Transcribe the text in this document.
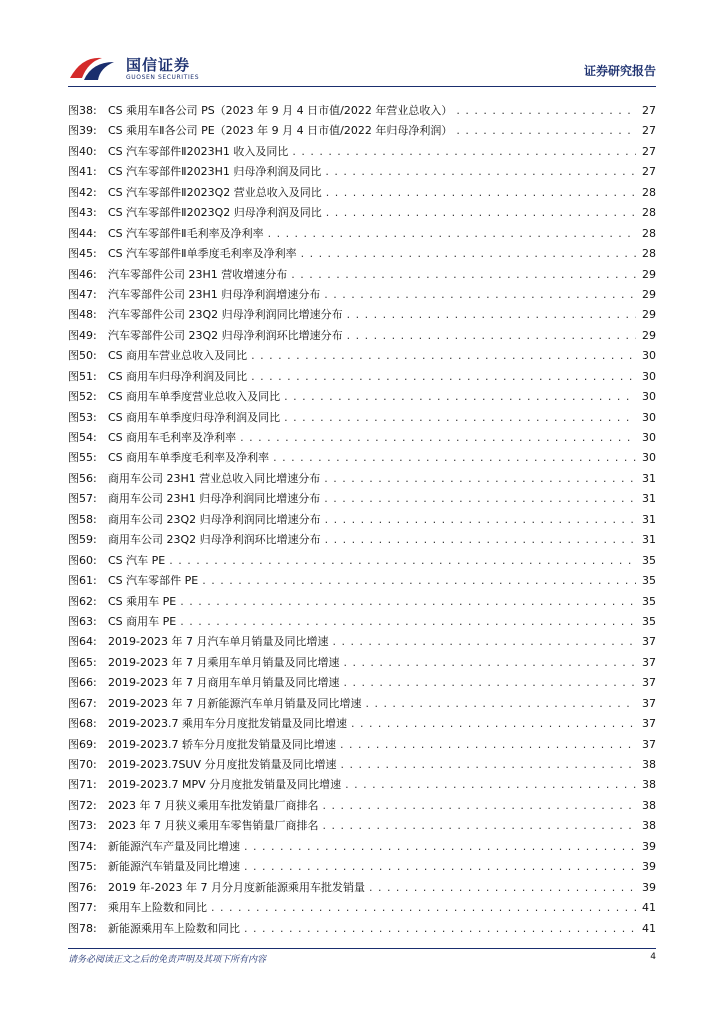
国信证券
GUOSEN SECURITIES	证券研究报告
图38:	CS 乘用车Ⅱ各公司 PS（2023 年 9 月 4 日市值/2022 年营业总收入） . . .	27
图39:	CS 乘用车Ⅱ各公司 PE（2023 年 9 月 4 日市值/2022 年归母净利润） . . .	27
图40:	CS 汽车零部件Ⅱ2023H1 收入及同比 . . .	27
图41:	CS 汽车零部件Ⅱ2023H1 归母净利润及同比 . . .	27
图42:	CS 汽车零部件Ⅱ2023Q2 营业总收入及同比 . . .	28
图43:	CS 汽车零部件Ⅱ2023Q2 归母净利润及同比 . . .	28
图44:	CS 汽车零部件Ⅱ毛利率及净利率 . . .	28
图45:	CS 汽车零部件Ⅱ单季度毛利率及净利率 . . .	28
图46:	汽车零部件公司 23H1 营收增速分布 . . .	29
图47:	汽车零部件公司 23H1 归母净利润增速分布 . . .	29
图48:	汽车零部件公司 23Q2 归母净利润同比增速分布 . . .	29
图49:	汽车零部件公司 23Q2 归母净利润环比增速分布 . . .	29
图50:	CS 商用车营业总收入及同比 . . .	30
图51:	CS 商用车归母净利润及同比 . . .	30
图52:	CS 商用车单季度营业总收入及同比 . . .	30
图53:	CS 商用车单季度归母净利润及同比 . . .	30
图54:	CS 商用车毛利率及净利率 . . .	30
图55:	CS 商用车单季度毛利率及净利率 . . .	30
图56:	商用车公司 23H1 营业总收入同比增速分布 . . .	31
图57:	商用车公司 23H1 归母净利润同比增速分布 . . .	31
图58:	商用车公司 23Q2 归母净利润同比增速分布 . . .	31
图59:	商用车公司 23Q2 归母净利润环比增速分布 . . .	31
图60:	CS 汽车 PE . . .	35
图61:	CS 汽车零部件 PE . . .	35
图62:	CS 乘用车 PE . . .	35
图63:	CS 商用车 PE . . .	35
图64:	2019-2023 年 7 月汽车单月销量及同比增速 . . .	37
图65:	2019-2023 年 7 月乘用车单月销量及同比增速 . . .	37
图66:	2019-2023 年 7 月商用车单月销量及同比增速 . . .	37
图67:	2019-2023 年 7 月新能源汽车单月销量及同比增速 . . .	37
图68:	2019-2023.7 乘用车分月度批发销量及同比增速 . . .	37
图69:	2019-2023.7 轿车分月度批发销量及同比增速 . . .	37
图70:	2019-2023.7SUV 分月度批发销量及同比增速 . . .	38
图71:	2019-2023.7 MPV 分月度批发销量及同比增速 . . .	38
图72:	2023 年 7 月狭义乘用车批发销量厂商排名 . . .	38
图73:	2023 年 7 月狭义乘用车零售销量厂商排名 . . .	38
图74:	新能源汽车产量及同比增速 . . .	39
图75:	新能源汽车销量及同比增速 . . .	39
图76:	2019 年-2023 年 7 月分月度新能源乘用车批发销量 . . .	39
图77:	乘用车上险数和同比 . . .	41
图78:	新能源乘用车上险数和同比 . . .	41
请务必阅读正文之后的免责声明及其项下所有内容	4
